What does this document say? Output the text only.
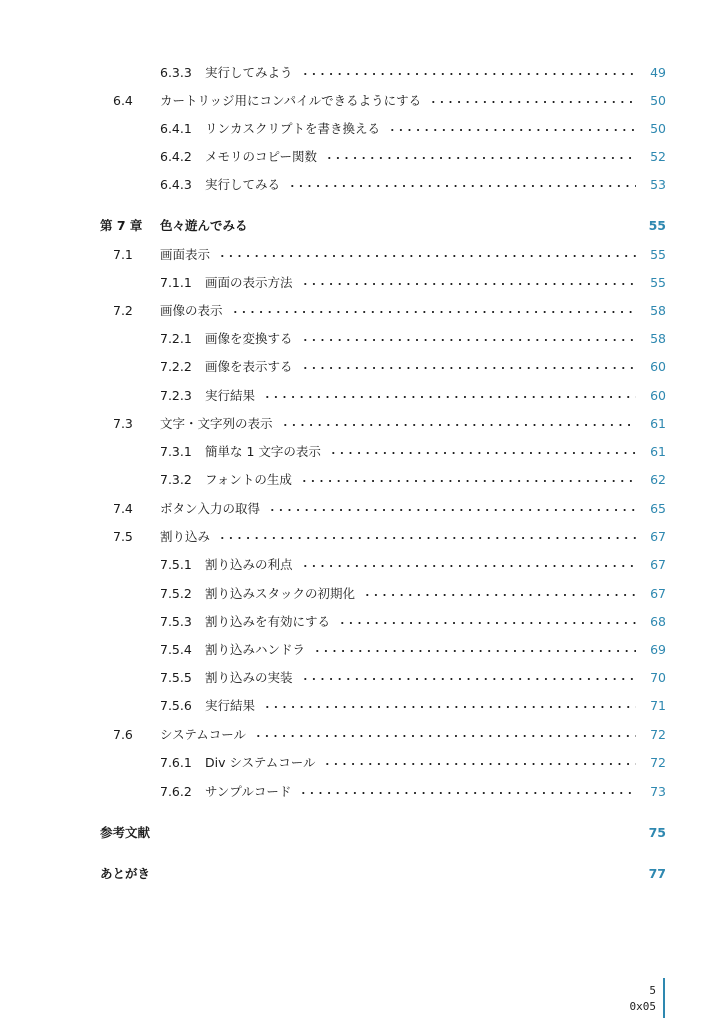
6.3.3 実行してみよう	49
6.4 カートリッジ用にコンパイルできるようにする	50
6.4.1 リンカスクリプトを書き換える	50
6.4.2 メモリのコピー関数	52
6.4.3 実行してみる	53
第 7 章 色々遊んでみる	55
7.1 画面表示	55
7.1.1 画面の表示方法	55
7.2 画像の表示	58
7.2.1 画像を変換する	58
7.2.2 画像を表示する	60
7.2.3 実行結果	60
7.3 文字・文字列の表示	61
7.3.1 簡単な 1 文字の表示	61
7.3.2 フォントの生成	62
7.4 ボタン入力の取得	65
7.5 割り込み	67
7.5.1 割り込みの利点	67
7.5.2 割り込みスタックの初期化	67
7.5.3 割り込みを有効にする	68
7.5.4 割り込みハンドラ	69
7.5.5 割り込みの実装	70
7.5.6 実行結果	71
7.6 システムコール	72
7.6.1 Div システムコール	72
7.6.2 サンプルコード	73
参考文献	75
あとがき	77
5
0x05
